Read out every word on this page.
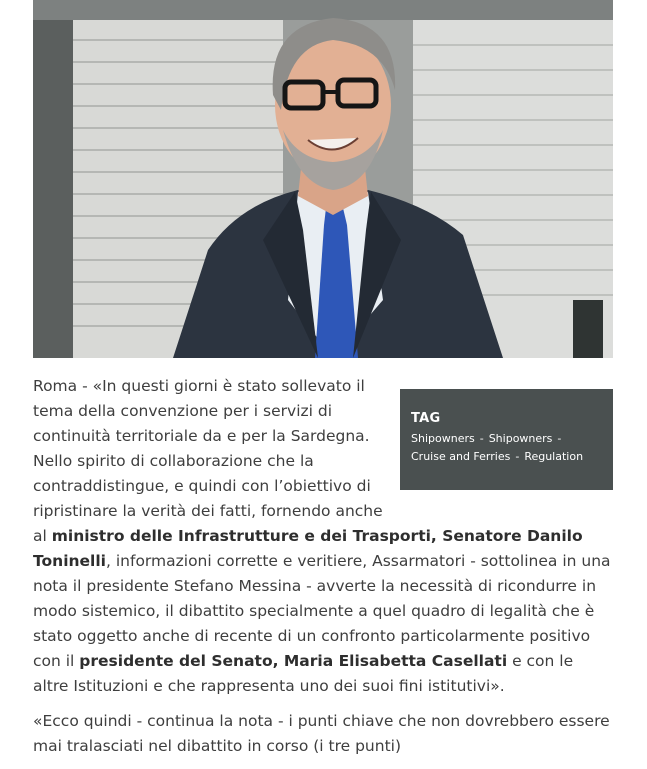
TAG
Shipowners - Shipowners -
Cruise and Ferries - Regulation

Roma - «In questi giorni è stato sollevato il tema della convenzione per i servizi di continuità territoriale da e per la Sardegna. Nello spirito di collaborazione che la contraddistingue, e quindi con l’obiettivo di ripristinare la verità dei fatti, fornendo anche al ministro delle Infrastrutture e dei Trasporti, Senatore Danilo Toninelli, informazioni corrette e veritiere, Assarmatori - sottolinea in una nota il presidente Stefano Messina - avverte la necessità di ricondurre in modo sistemico, il dibattito specialmente a quel quadro di legalità che è stato oggetto anche di recente di un confronto particolarmente positivo con il presidente del Senato, Maria Elisabetta Casellati e con le altre Istituzioni e che rappresenta uno dei suoi fini istitutivi».

«Ecco quindi - continua la nota - i punti chiave che non dovrebbero essere mai tralasciati nel dibattito in corso (i tre punti)
